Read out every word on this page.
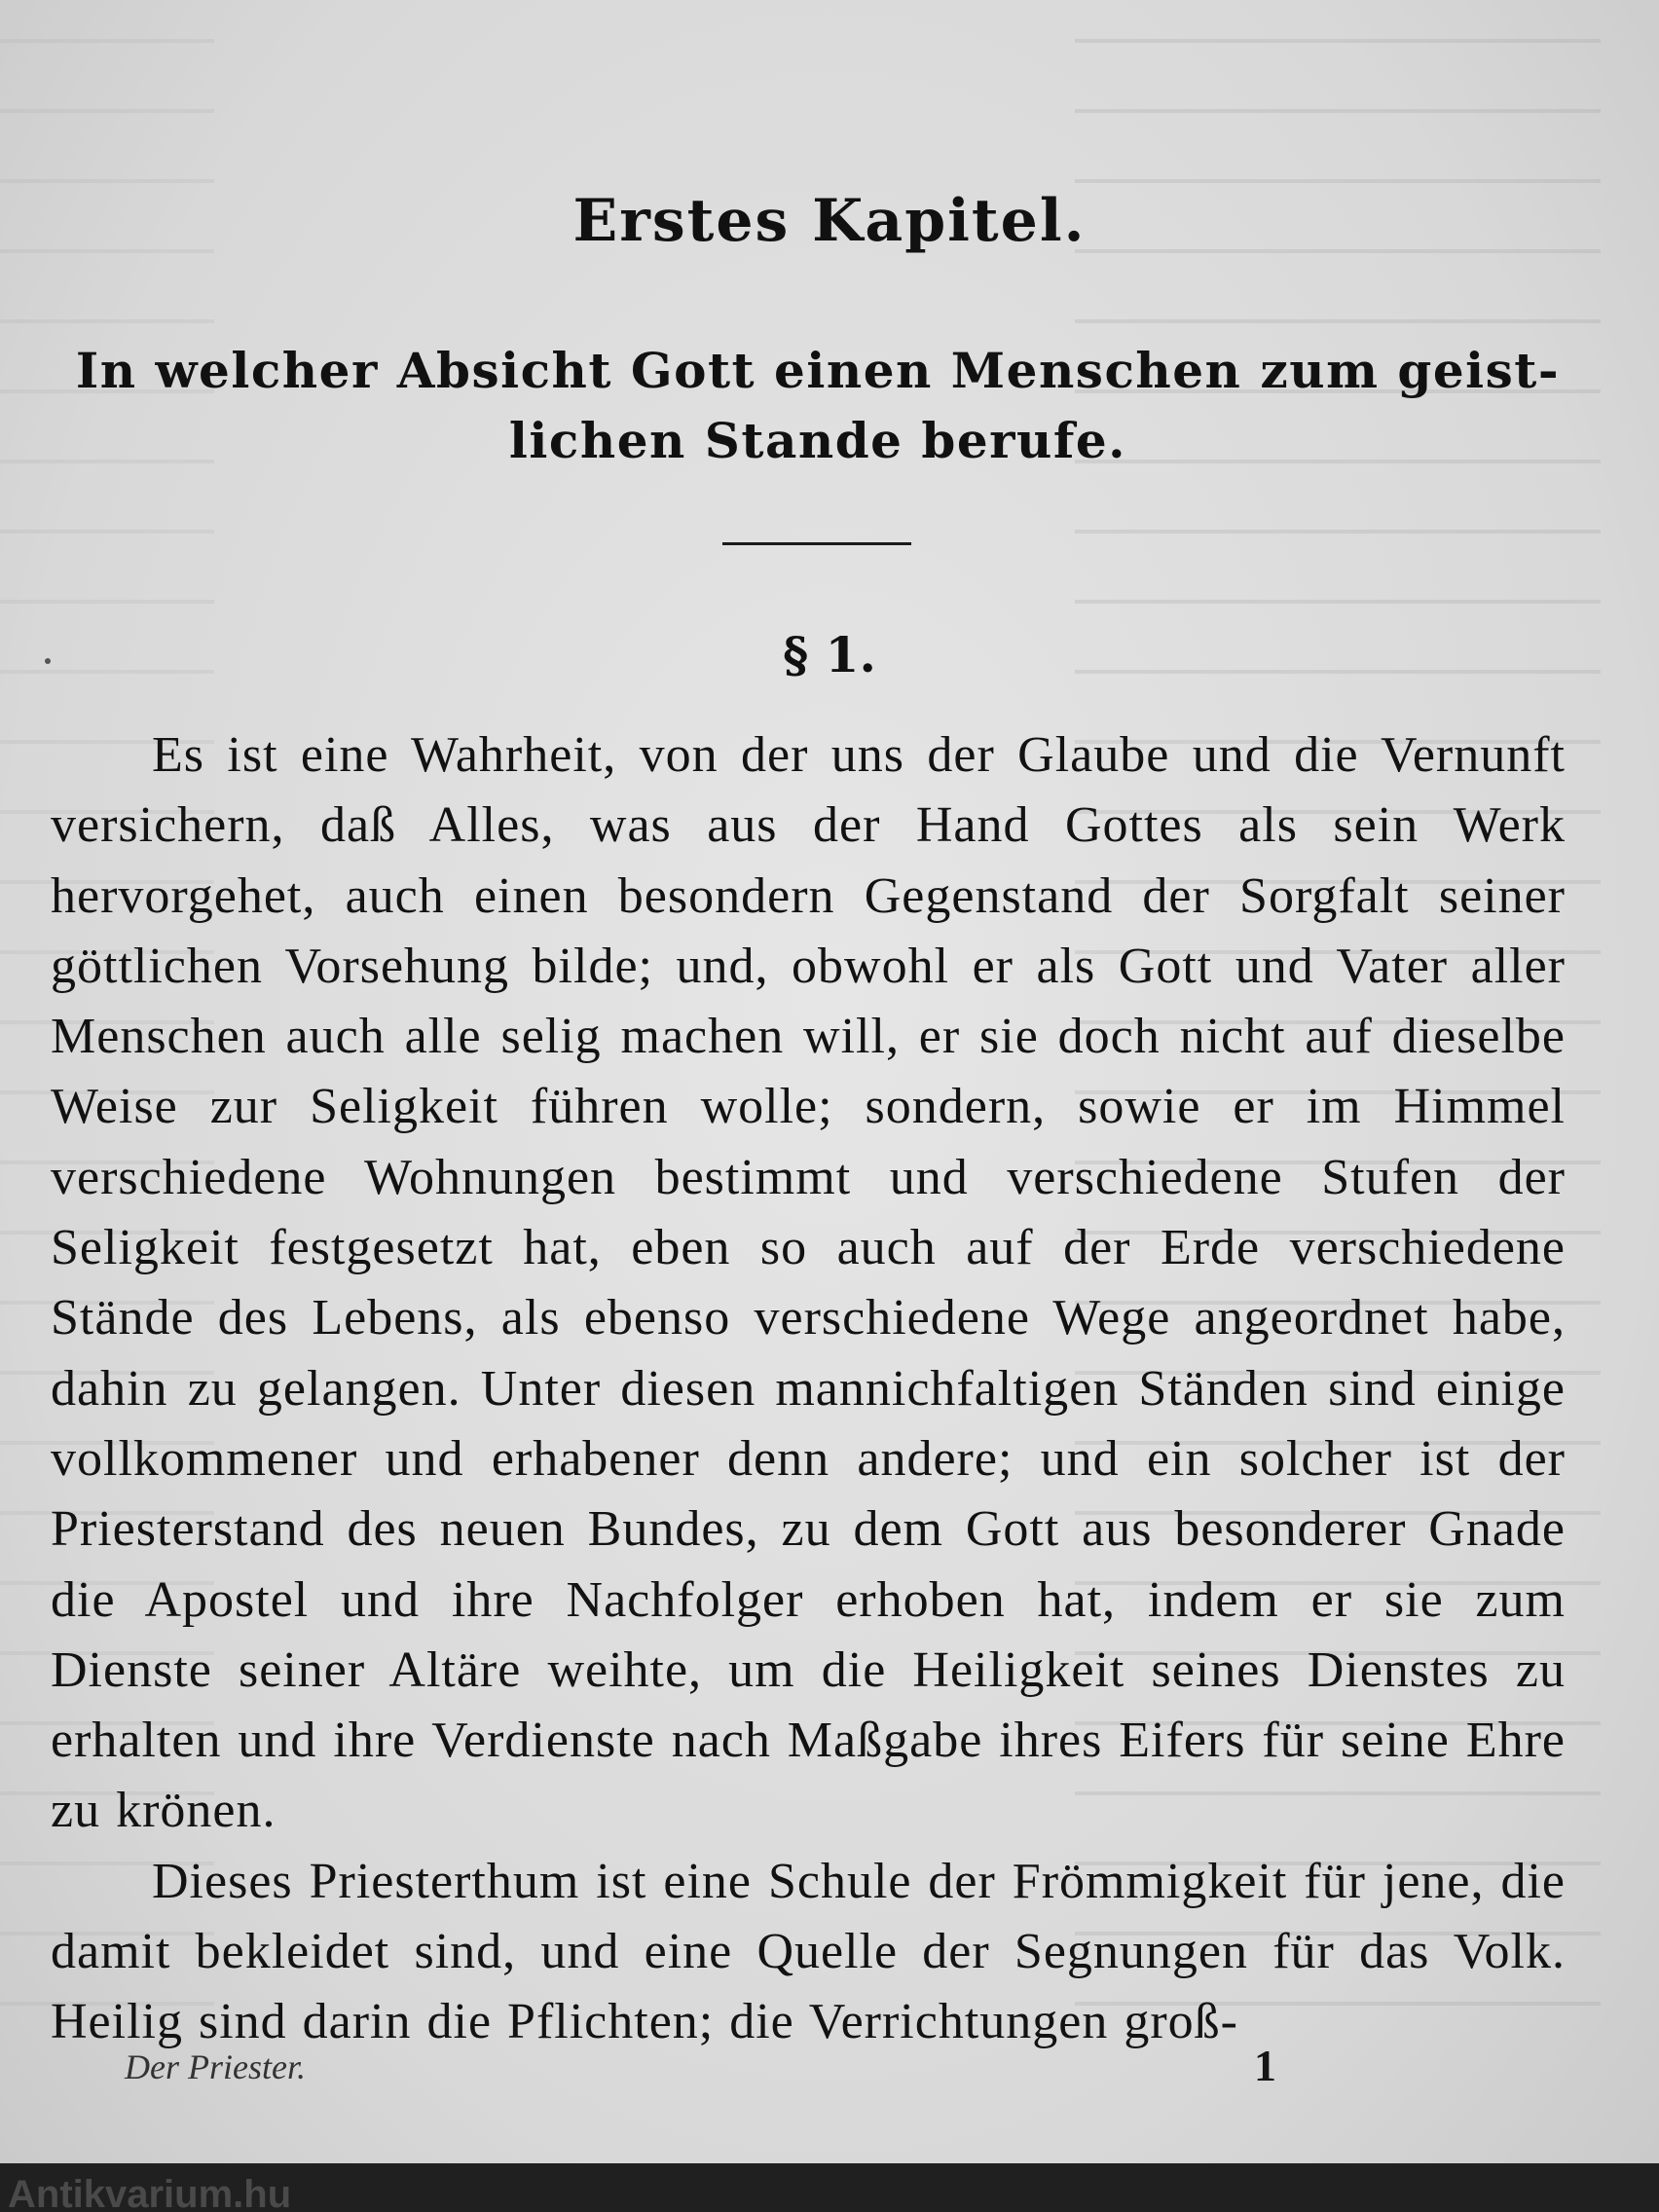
Erstes Kapitel.
In welcher Absicht Gott einen Menschen zum geist-
lichen Stande berufe.
§ 1.

Es ist eine Wahrheit, von der uns der Glaube und die Vernunft versichern, daß Alles, was aus der Hand Gottes als sein Werk hervorgehet, auch einen besondern Gegenstand der Sorgfalt seiner göttlichen Vorsehung bilde; und, obwohl er als Gott und Vater aller Menschen auch alle selig machen will, er sie doch nicht auf dieselbe Weise zur Seligkeit führen wolle; sondern, sowie er im Himmel verschiedene Wohnungen bestimmt und verschiedene Stufen der Seligkeit festgesetzt hat, eben so auch auf der Erde verschiedene Stände des Lebens, als ebenso verschiedene Wege angeordnet habe, dahin zu gelangen. Unter diesen mannichfaltigen Ständen sind einige vollkommener und erhabener denn andere; und ein solcher ist der Priesterstand des neuen Bundes, zu dem Gott aus besonderer Gnade die Apostel und ihre Nachfolger erhoben hat, indem er sie zum Dienste seiner Altäre weihte, um die Heiligkeit seines Dienstes zu erhalten und ihre Verdienste nach Maßgabe ihres Eifers für seine Ehre zu krönen.

Dieses Priesterthum ist eine Schule der Frömmigkeit für jene, die damit bekleidet sind, und eine Quelle der Segnungen für das Volk. Heilig sind darin die Pflichten; die Verrichtungen groß-

Der Priester.	1
Antikvarium.hu
